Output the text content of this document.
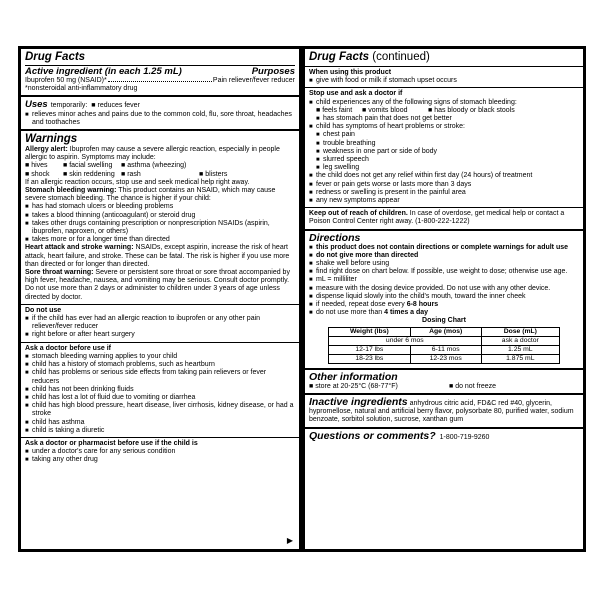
Drug Facts
Active ingredient (in each 1.25 mL)	Purposes
Ibuprofen 50 mg (NSAID)*	Pain reliever/fever reducer
*nonsteroidal anti-inflammatory drug
Uses temporarily: ■ reduces fever
■ relieves minor aches and pains due to the common cold, flu, sore throat, headaches and toothaches
Warnings
Allergy alert: Ibuprofen may cause a severe allergic reaction, especially in people allergic to aspirin. Symptoms may include:
■ hives	■ facial swelling	■ asthma (wheezing)
■ shock	■ skin reddening ■ rash	■ blisters
If an allergic reaction occurs, stop use and seek medical help right away.
Stomach bleeding warning: This product contains an NSAID, which may cause severe stomach bleeding. The chance is higher if your child:
■ has had stomach ulcers or bleeding problems
■ takes a blood thinning (anticoagulant) or steroid drug
■ takes other drugs containing prescription or nonprescription NSAIDs (aspirin, ibuprofen, naproxen, or others)
■ takes more or for a longer time than directed
Heart attack and stroke warning: NSAIDs, except aspirin, increase the risk of heart attack, heart failure, and stroke. These can be fatal. The risk is higher if you use more than directed or for longer than directed.
Sore throat warning: Severe or persistent sore throat or sore throat accompanied by high fever, headache, nausea, and vomiting may be serious. Consult doctor promptly. Do not use more than 2 days or administer to children under 3 years of age unless directed by doctor.
Do not use
■ if the child has ever had an allergic reaction to ibuprofen or any other pain reliever/fever reducer
■ right before or after heart surgery
Ask a doctor before use if
■ stomach bleeding warning applies to your child
■ child has a history of stomach problems, such as heartburn
■ child has problems or serious side effects from taking pain relievers or fever reducers
■ child has not been drinking fluids
■ child has lost a lot of fluid due to vomiting or diarrhea
■ child has high blood pressure, heart disease, liver cirrhosis, kidney disease, or had a stroke
■ child has asthma
■ child is taking a diuretic
Ask a doctor or pharmacist before use if the child is
■ under a doctor's care for any serious condition
■ taking any other drug
▶
Drug Facts (continued)
When using this product
■ give with food or milk if stomach upset occurs
Stop use and ask a doctor if
■ child experiences any of the following signs of stomach bleeding:
■ feels faint	■ vomits blood	■ has bloody or black stools
■ has stomach pain that does not get better
■ child has symptoms of heart problems or stroke:
■ chest pain
■ trouble breathing
■ weakness in one part or side of body
■ slurred speech
■ leg swelling
■ the child does not get any relief within first day (24 hours) of treatment
■ fever or pain gets worse or lasts more than 3 days
■ redness or swelling is present in the painful area
■ any new symptoms appear
Keep out of reach of children. In case of overdose, get medical help or contact a Poison Control Center right away. (1-800-222-1222)
Directions
■ this product does not contain directions or complete warnings for adult use
■ do not give more than directed
■ shake well before using
■ find right dose on chart below. If possible, use weight to dose; otherwise use age.
■ mL = milliliter
■ measure with the dosing device provided. Do not use with any other device.
■ dispense liquid slowly into the child's mouth, toward the inner cheek
■ if needed, repeat dose every 6-8 hours
■ do not use more than 4 times a day
Dosing Chart
Weight (lbs)	Age (mos)	Dose (mL)
under 6 mos		ask a doctor
12-17 lbs	6-11 mos	1.25 mL
18-23 lbs	12-23 mos	1.875 mL
Other information
■ store at 20-25°C (68-77°F)	■ do not freeze
Inactive ingredients anhydrous citric acid, FD&C red #40, glycerin, hypromellose, natural and artificial berry flavor, polysorbate 80, purified water, sodium benzoate, sorbitol solution, sucrose, xanthan gum
Questions or comments? 1-800-719-9260
